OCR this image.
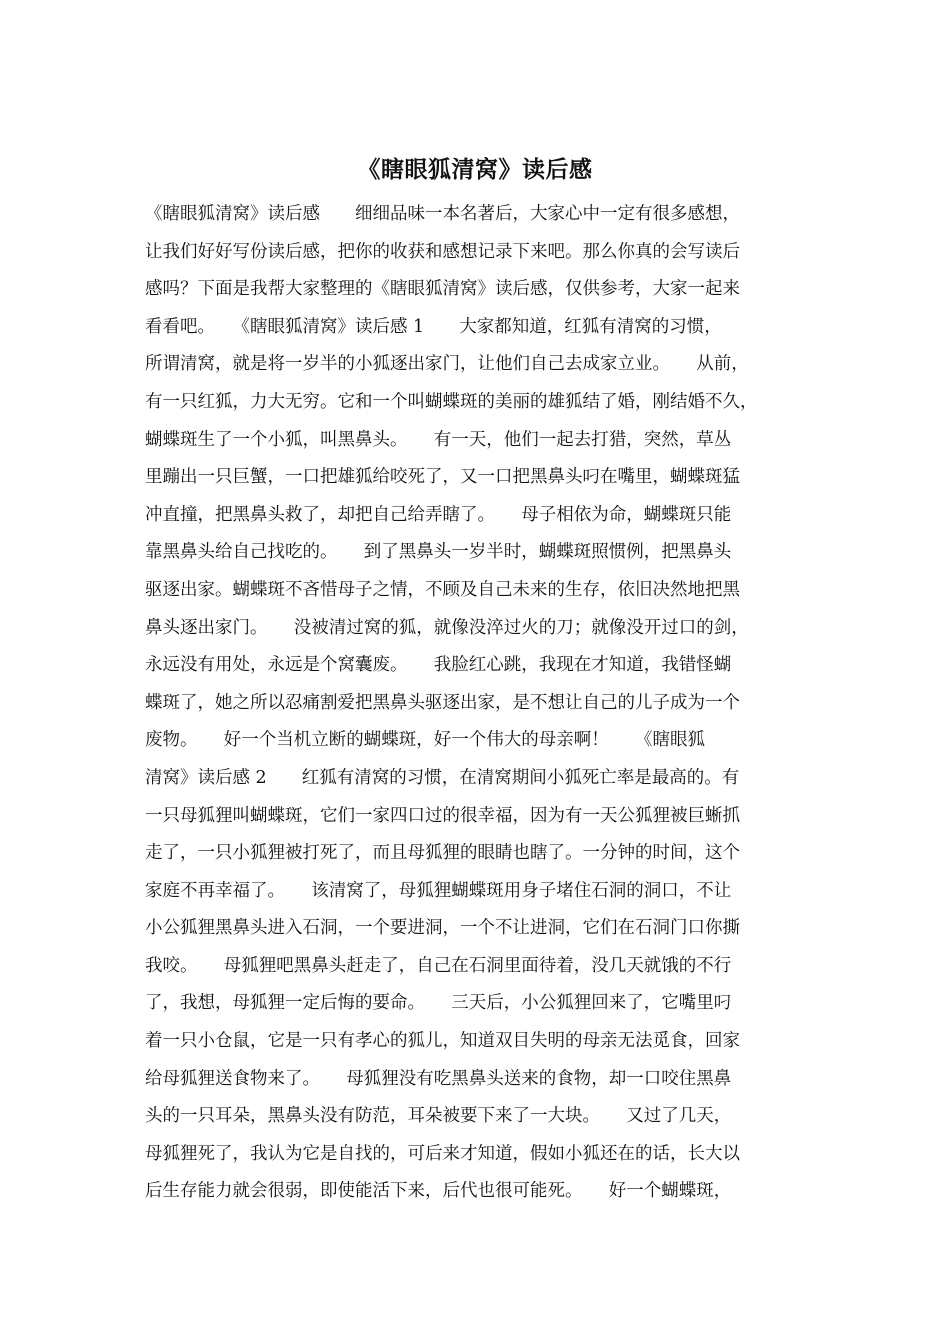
《瞎眼狐清窝》读后感
《瞎眼狐清窝》读后感　　细细品味一本名著后，大家心中一定有很多感想，
让我们好好写份读后感，把你的收获和感想记录下来吧。那么你真的会写读后
感吗？下面是我帮大家整理的《瞎眼狐清窝》读后感，仅供参考，大家一起来
看看吧。　　《瞎眼狐清窝》读后感 1　　大家都知道，红狐有清窝的习惯，
所谓清窝，就是将一岁半的小狐逐出家门，让他们自己去成家立业。　　从前，
有一只红狐，力大无穷。它和一个叫蝴蝶斑的美丽的雄狐结了婚，刚结婚不久，
蝴蝶斑生了一个小狐，叫黑鼻头。　　有一天，他们一起去打猎，突然，草丛
里蹦出一只巨蟹，一口把雄狐给咬死了，又一口把黑鼻头叼在嘴里，蝴蝶斑猛
冲直撞，把黑鼻头救了，却把自己给弄瞎了。　　母子相依为命，蝴蝶斑只能
靠黑鼻头给自己找吃的。　　到了黑鼻头一岁半时，蝴蝶斑照惯例，把黑鼻头
驱逐出家。蝴蝶斑不吝惜母子之情，不顾及自己未来的生存，依旧决然地把黑
鼻头逐出家门。　　没被清过窝的狐，就像没淬过火的刀；就像没开过口的剑，
永远没有用处，永远是个窝囊废。　　我脸红心跳，我现在才知道，我错怪蝴
蝶斑了，她之所以忍痛割爱把黑鼻头驱逐出家，是不想让自己的儿子成为一个
废物。　　好一个当机立断的蝴蝶斑，好一个伟大的母亲啊！　　《瞎眼狐
清窝》读后感 2　　红狐有清窝的习惯，在清窝期间小狐死亡率是最高的。有
一只母狐狸叫蝴蝶斑，它们一家四口过的很幸福，因为有一天公狐狸被巨蜥抓
走了，一只小狐狸被打死了，而且母狐狸的眼睛也瞎了。一分钟的时间，这个
家庭不再幸福了。　　该清窝了，母狐狸蝴蝶斑用身子堵住石洞的洞口，不让
小公狐狸黑鼻头进入石洞，一个要进洞，一个不让进洞，它们在石洞门口你撕
我咬。　　母狐狸吧黑鼻头赶走了，自己在石洞里面待着，没几天就饿的不行
了，我想，母狐狸一定后悔的要命。　　三天后，小公狐狸回来了，它嘴里叼
着一只小仓鼠，它是一只有孝心的狐儿，知道双目失明的母亲无法觅食，回家
给母狐狸送食物来了。　　母狐狸没有吃黑鼻头送来的食物，却一口咬住黑鼻
头的一只耳朵，黑鼻头没有防范，耳朵被要下来了一大块。　　又过了几天，
母狐狸死了，我认为它是自找的，可后来才知道，假如小狐还在的话，长大以
后生存能力就会很弱，即使能活下来，后代也很可能死。　　好一个蝴蝶斑，
